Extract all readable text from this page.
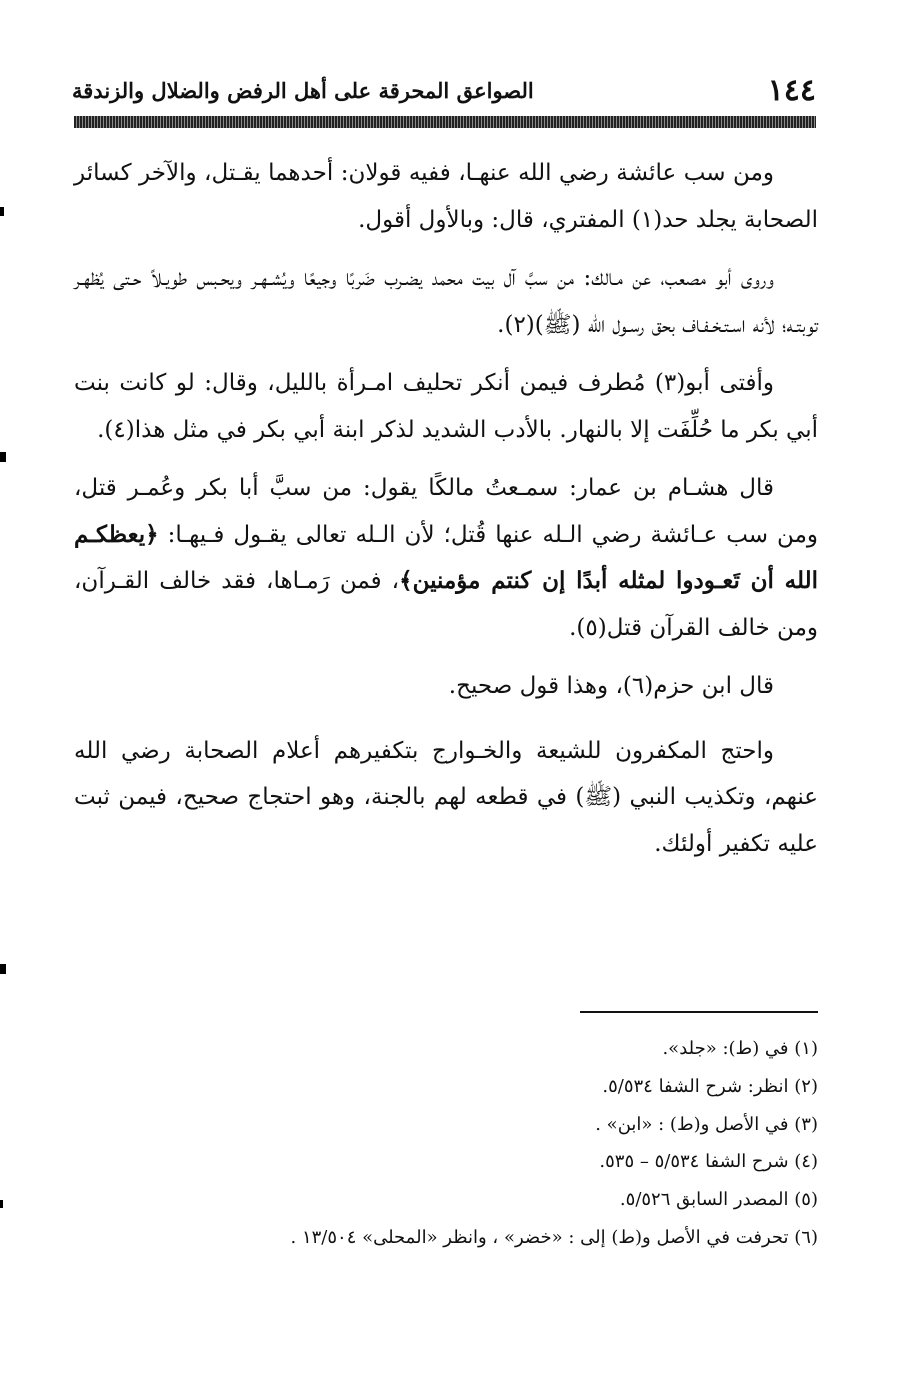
١٤٤
الصواعق المحرقة على أهل الرفض والضلال والزندقة

ومن سب عائشة رضي الله عنهـا، ففيه قولان: أحدهما يقـتل، والآخر كسائر الصحابة يجلد حد(١) المفتري، قال: وبالأول أقول.

وروى أبو مصعب، عن مـالك: من سبَّ آل بيت محمد يضـرب ضَربًا وجيعًا ويُشـهـر ويحـبس طويـلاً حـتى يُظهـر توبتـه؛ لأنه اسـتـخـفـاف بحق رسـول الله (ﷺ)(٢).

وأفتى أبو(٣) مُطرف فيمن أنكر تحليف امـرأة بالليل، وقال: لو كانت بنت أبي بكر ما حُلِّفَت إلا بالنهار. بالأدب الشديد لذكر ابنة أبي بكر في مثل هذا(٤).

قال هشـام بن عمار: سمـعتُ مالكًا يقول: من سبَّ أبا بكر وعُمـر قتل، ومن سب عـائشة رضي الـله عنها قُتل؛ لأن الـله تعالى يقـول فـيهـا: ﴿يعظكـم الله أن تَعـودوا لمثله أبدًا إن كنتم مؤمنين﴾، فمن رَمـاها، فقد خالف القـرآن، ومن خالف القرآن قتل(٥).

قال ابن حزم(٦)، وهذا قول صحيح.

واحتج المكفرون للشيعة والخـوارج بتكفيرهم أعلام الصحابة رضي الله عنهم، وتكذيب النبي (ﷺ) في قطعه لهم بالجنة، وهو احتجاج صحيح، فيمن ثبت عليه تكفير أولئك.

(١) في (ط): «جلد».
(٢) انظر: شرح الشفا ٥/٥٣٤.
(٣) في الأصل و(ط) : «ابن» .
(٤) شرح الشفا ٥/٥٣٤ – ٥٣٥.
(٥) المصدر السابق ٥/٥٢٦.
(٦) تحرفت في الأصل و(ط) إلى : «خضر» ، وانظر «المحلى» ١٣/٥٠٤ .
